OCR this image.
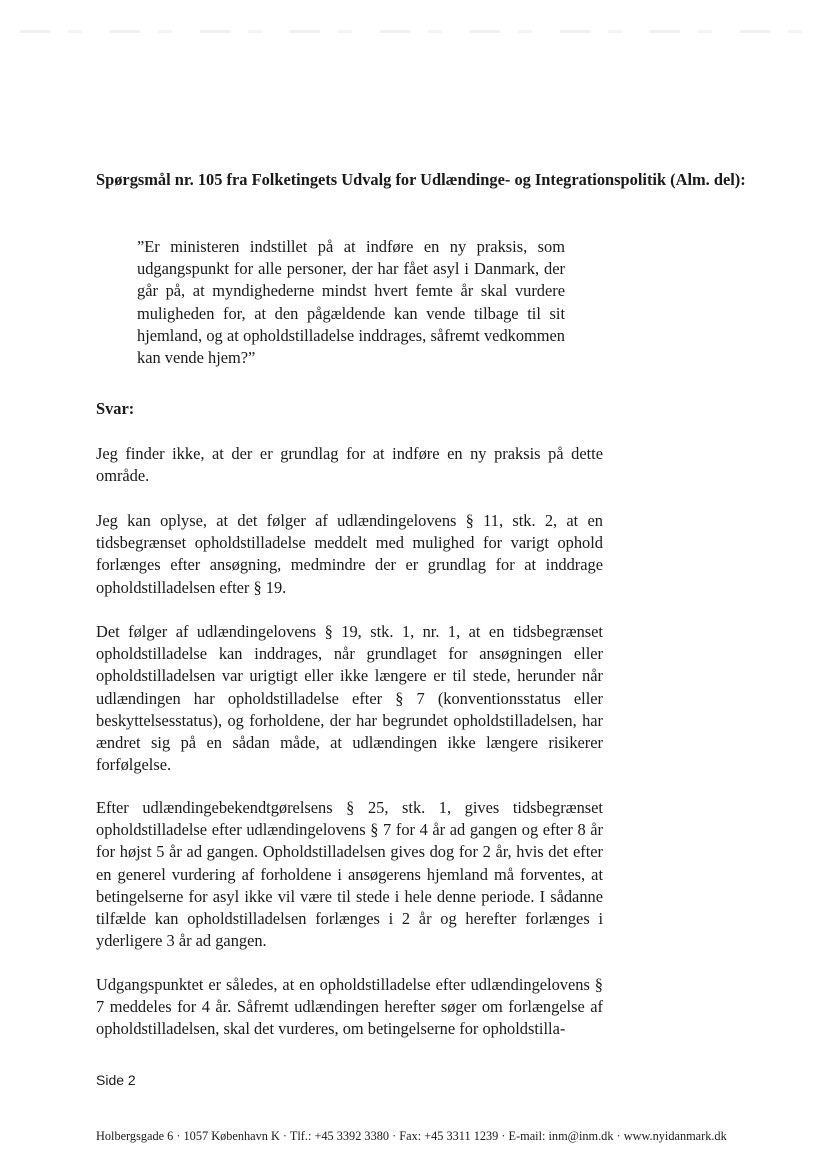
Spørgsmål nr. 105 fra Folketingets Udvalg for Udlændinge- og Integrationspolitik (Alm. del):

”Er ministeren indstillet på at indføre en ny praksis, som udgangspunkt for alle personer, der har fået asyl i Danmark, der går på, at myndighederne mindst hvert femte år skal vurdere muligheden for, at den pågældende kan vende tilbage til sit hjemland, og at opholdstilladelse inddrages, såfremt vedkommen kan vende hjem?”

Svar:

Jeg finder ikke, at der er grundlag for at indføre en ny praksis på dette område.

Jeg kan oplyse, at det følger af udlændingelovens § 11, stk. 2, at en tidsbegrænset opholdstilladelse meddelt med mulighed for varigt ophold forlænges efter ansøgning, medmindre der er grundlag for at inddrage opholdstilladelsen efter § 19.

Det følger af udlændingelovens § 19, stk. 1, nr. 1, at en tidsbegrænset opholdstilladelse kan inddrages, når grundlaget for ansøgningen eller opholdstilladelsen var urigtigt eller ikke længere er til stede, herunder når udlændingen har opholdstilladelse efter § 7 (konventionsstatus eller beskyttelsesstatus), og forholdene, der har begrundet opholdstilladelsen, har ændret sig på en sådan måde, at udlændingen ikke længere risikerer forfølgelse.

Efter udlændingebekendtgørelsens § 25, stk. 1, gives tidsbegrænset opholdstilladelse efter udlændingelovens § 7 for 4 år ad gangen og efter 8 år for højst 5 år ad gangen. Opholdstilladelsen gives dog for 2 år, hvis det efter en generel vurdering af forholdene i ansøgerens hjemland må forventes, at betingelserne for asyl ikke vil være til stede i hele denne periode. I sådanne tilfælde kan opholdstilladelsen forlænges i 2 år og herefter forlænges i yderligere 3 år ad gangen.

Udgangspunktet er således, at en opholdstilladelse efter udlændingelovens § 7 meddeles for 4 år. Såfremt udlændingen herefter søger om forlængelse af opholdstilladelsen, skal det vurderes, om betingelserne for opholdstilla-

Side 2

Holbergsgade 6 · 1057 København K · Tlf.: +45 3392 3380 · Fax: +45 3311 1239 · E-mail: inm@inm.dk · www.nyidanmark.dk
